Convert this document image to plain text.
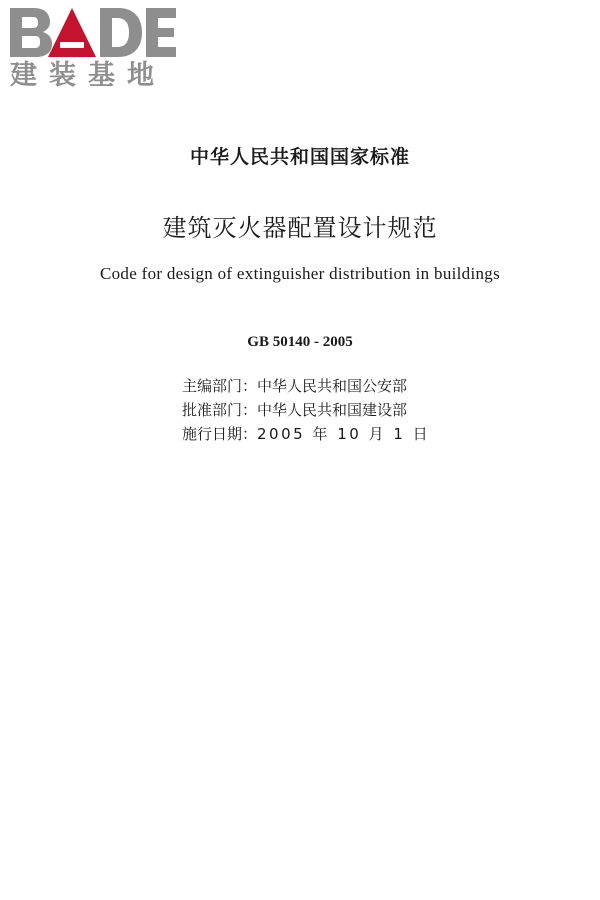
建装基地
中华人民共和国国家标准
建筑灭火器配置设计规范
Code for design of extinguisher distribution in buildings
GB 50140 - 2005
主编部门：中华人民共和国公安部
批准部门：中华人民共和国建设部
施行日期：2005 年 10 月 1 日
